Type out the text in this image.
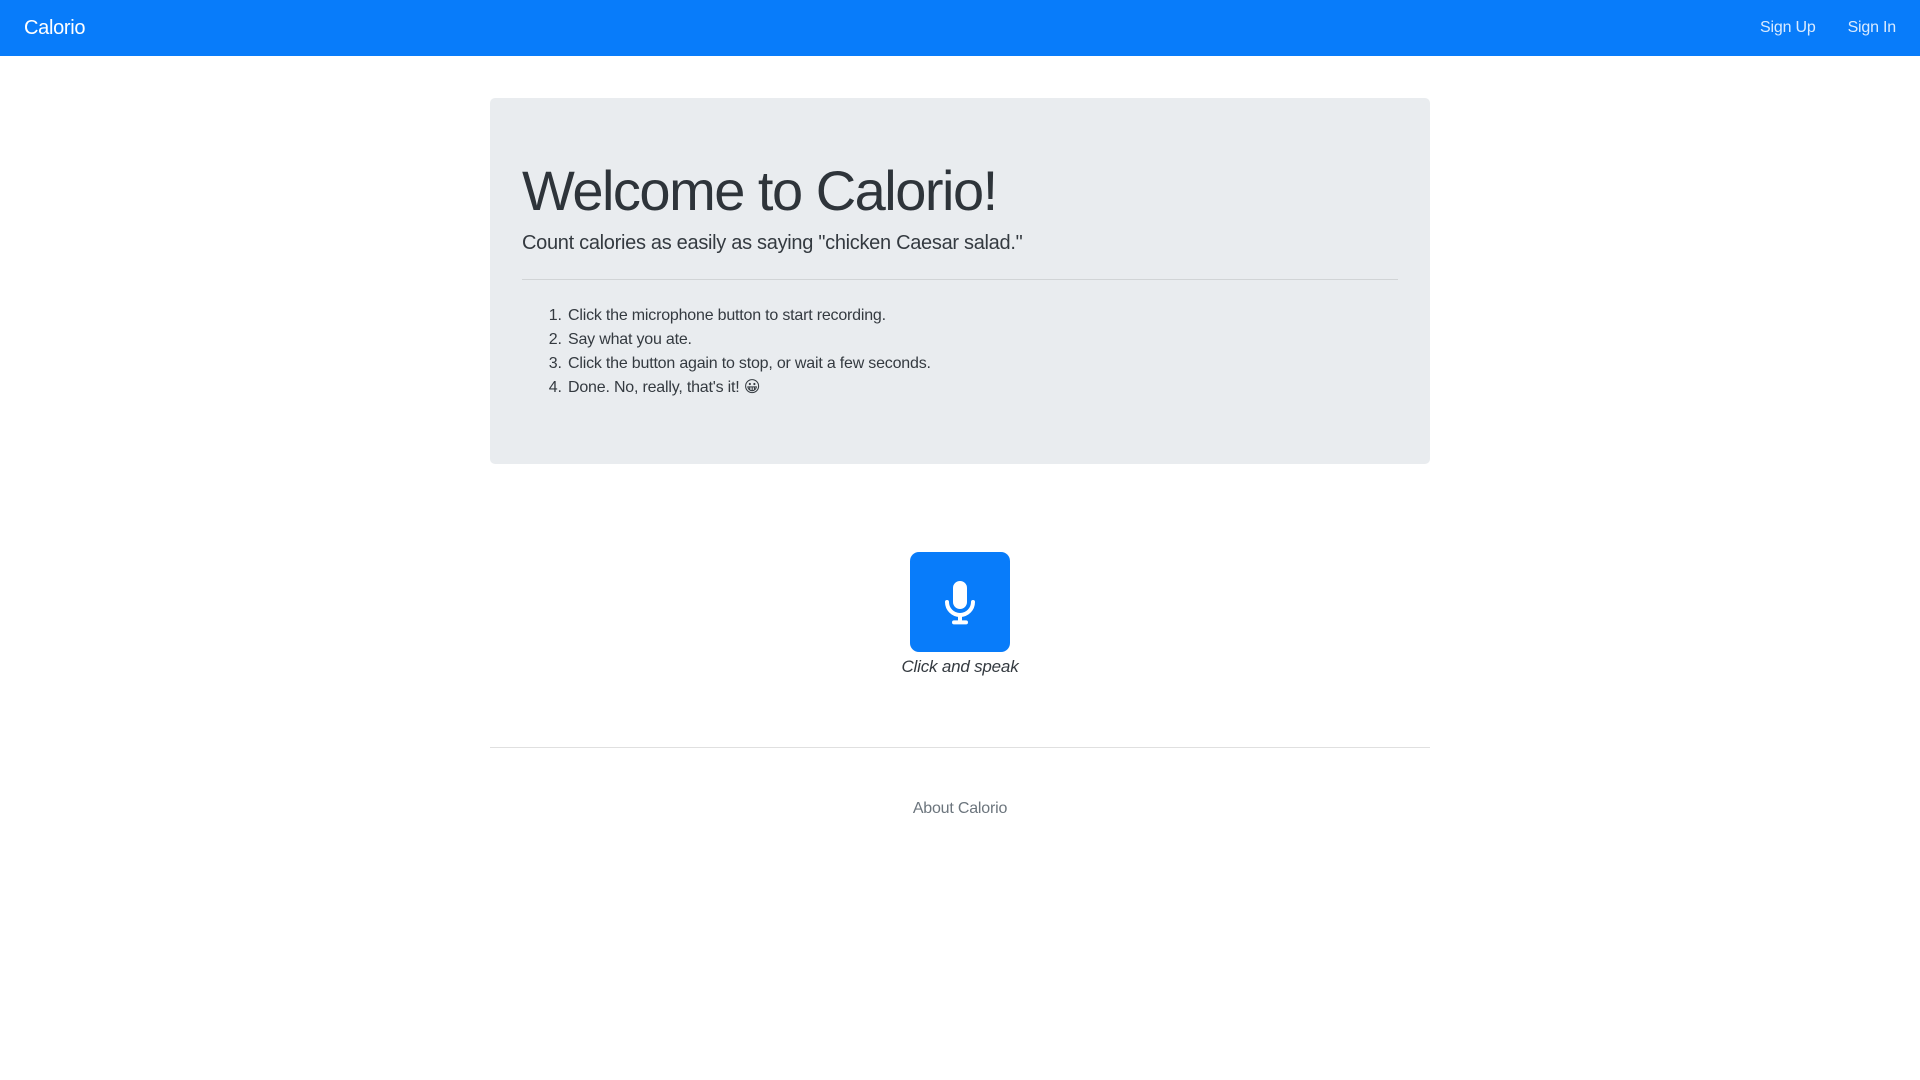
Calorio	Sign Up Sign In
Welcome to Calorio!

Count calories as easily as saying "chicken Caesar salad."

1. Click the microphone button to start recording.
2. Say what you ate.
3. Click the button again to stop, or wait a few seconds.
4. Done. No, really, that's it! 😀
Click and speak
About Calorio
